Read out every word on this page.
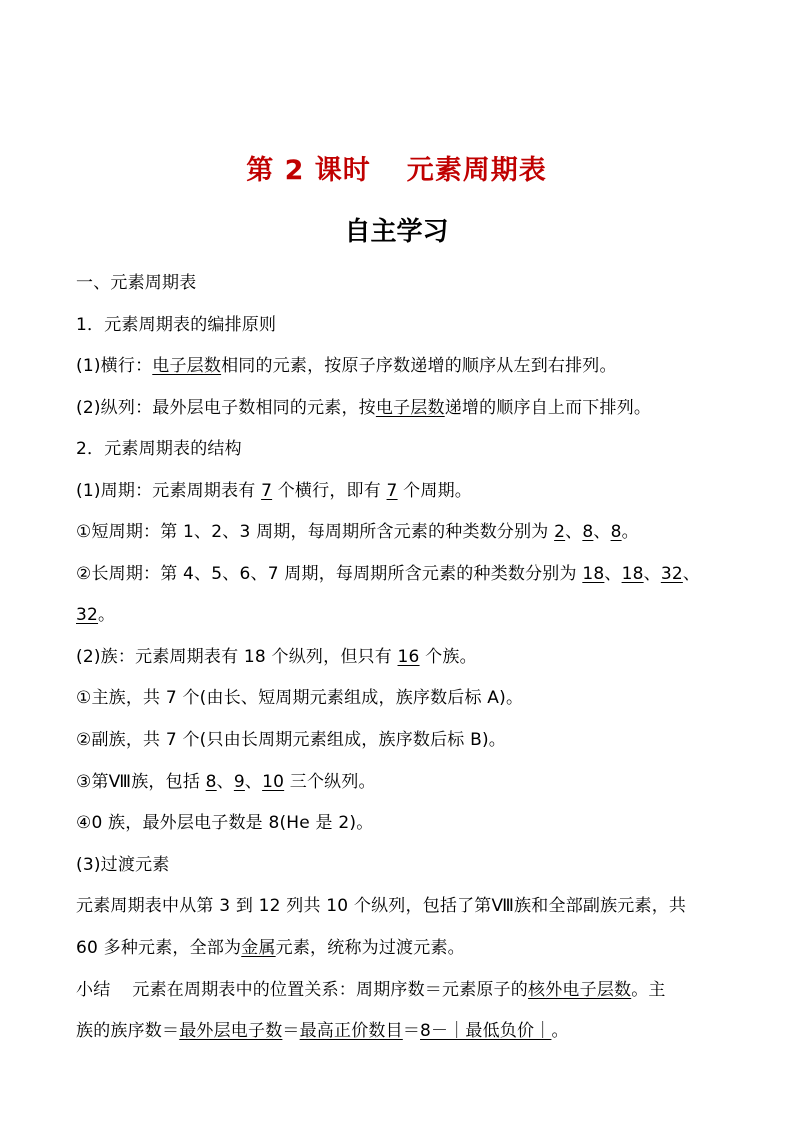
第 2 课时 元素周期表
自主学习
一、元素周期表
1．元素周期表的编排原则
(1)横行：电子层数相同的元素，按原子序数递增的顺序从左到右排列。
(2)纵列：最外层电子数相同的元素，按电子层数递增的顺序自上而下排列。
2．元素周期表的结构
(1)周期：元素周期表有 7 个横行，即有 7 个周期。
①短周期：第 1、2、3 周期，每周期所含元素的种类数分别为 2、8、8。
②长周期：第 4、5、6、7 周期，每周期所含元素的种类数分别为 18、18、32、
32。
(2)族：元素周期表有 18 个纵列，但只有 16 个族。
①主族，共 7 个(由长、短周期元素组成，族序数后标 A)。
②副族，共 7 个(只由长周期元素组成，族序数后标 B)。
③第Ⅷ族，包括 8、9、10 三个纵列。
④0 族，最外层电子数是 8(He 是 2)。
(3)过渡元素
元素周期表中从第 3 到 12 列共 10 个纵列，包括了第Ⅷ族和全部副族元素，共
60 多种元素，全部为金属元素，统称为过渡元素。
小结 元素在周期表中的位置关系：周期序数＝元素原子的核外电子层数。主
族的族序数＝最外层电子数＝最高正价数目＝8－｜最低负价｜。
